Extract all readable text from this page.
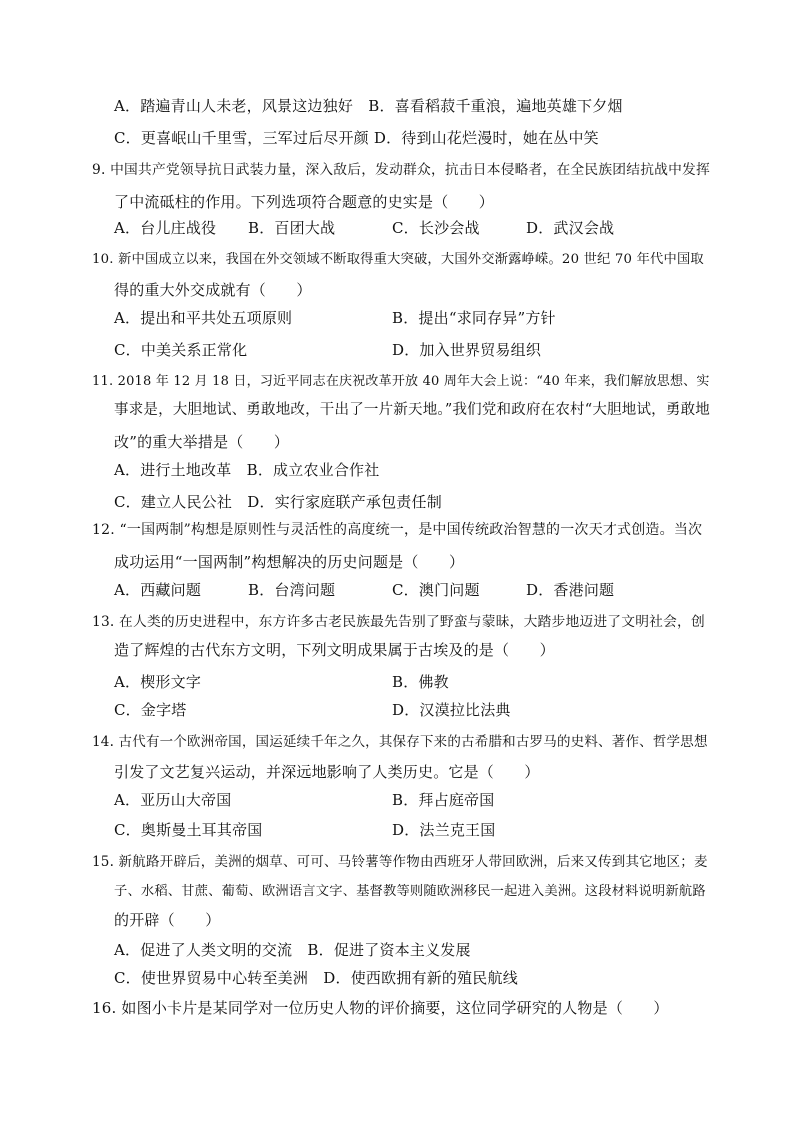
A．踏遍青山人未老，风景这边独好　B．喜看稻菽千重浪，遍地英雄下夕烟
C．更喜岷山千里雪，三军过后尽开颜 D．待到山花烂漫时，她在丛中笑
9. 中国共产党领导抗日武装力量，深入敌后，发动群众，抗击日本侵略者，在全民族团结抗战中发挥
了中流砥柱的作用。下列选项符合题意的史实是（　　）
A．台儿庄战役 B．百团大战	C．长沙会战	D．武汉会战
10. 新中国成立以来，我国在外交领域不断取得重大突破，大国外交渐露峥嵘。20 世纪 70 年代中国取
得的重大外交成就有（　　）
A．提出和平共处五项原则	B．提出“求同存异”方针
C．中美关系正常化	D．加入世界贸易组织
11. 2018 年 12 月 18 日，习近平同志在庆祝改革开放 40 周年大会上说：“40 年来，我们解放思想、实
事求是，大胆地试、勇敢地改，干出了一片新天地。”我们党和政府在农村“大胆地试，勇敢地
改”的重大举措是（　　）
A．进行土地改革　B．成立农业合作社
C．建立人民公社　D．实行家庭联产承包责任制
12. “一国两制”构想是原则性与灵活性的高度统一，是中国传统政治智慧的一次天才式创造。当次
成功运用“一国两制”构想解决的历史问题是（　　）
A．西藏问题	B．台湾问题	C．澳门问题	D．香港问题
13. 在人类的历史进程中，东方许多古老民族最先告别了野蛮与蒙昧，大踏步地迈进了文明社会，创
造了辉煌的古代东方文明，下列文明成果属于古埃及的是（　　）
A．楔形文字	B．佛教
C．金字塔	D．汉漠拉比法典
14. 古代有一个欧洲帝国，国运延续千年之久，其保存下来的古希腊和古罗马的史料、著作、哲学思想
引发了文艺复兴运动，并深远地影响了人类历史。它是（　　）
A．亚历山大帝国	B．拜占庭帝国
C．奥斯曼土耳其帝国	D．法兰克王国
15. 新航路开辟后，美洲的烟草、可可、马铃薯等作物由西班牙人带回欧洲，后来又传到其它地区；麦
子、水稻、甘蔗、葡萄、欧洲语言文字、基督教等则随欧洲移民一起进入美洲。这段材料说明新航路
的开辟（　　）
A．促进了人类文明的交流　B．促进了资本主义发展
C．使世界贸易中心转至美洲　D．使西欧拥有新的殖民航线
16. 如图小卡片是某同学对一位历史人物的评价摘要，这位同学研究的人物是（　　）
